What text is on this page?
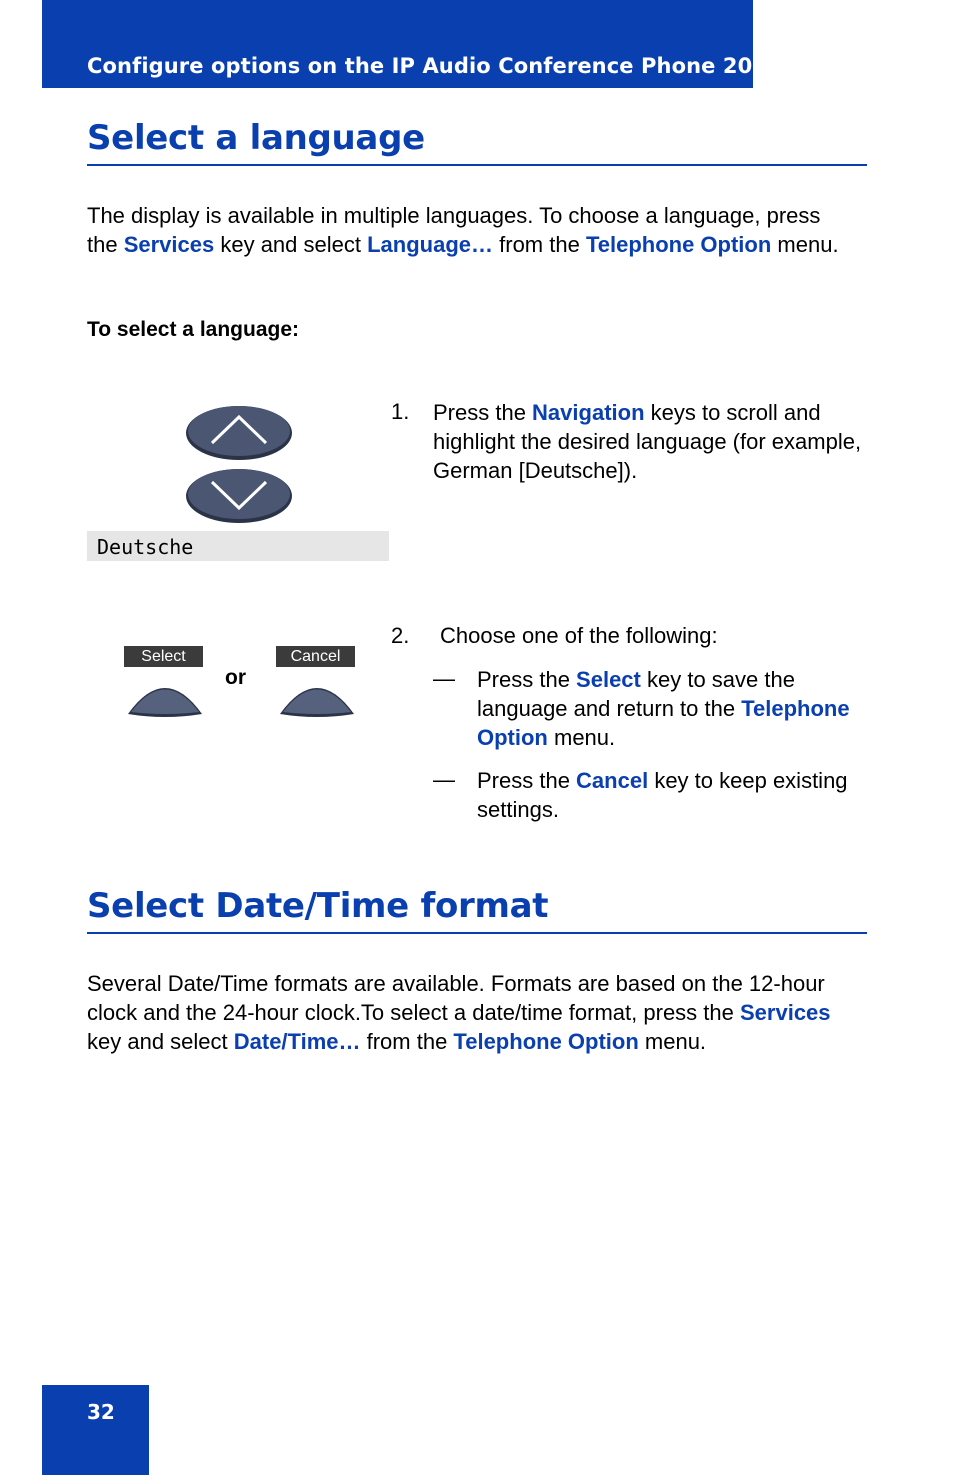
Configure options on the IP Audio Conference Phone 2033
Select a language

The display is available in multiple languages. To choose a language, press the Services key and select Language… from the Telephone Option menu.

To select a language:
Deutsche
1. Press the Navigation keys to scroll and highlight the desired language (for example, German [Deutsche]).

Select	Cancel
or
2. Choose one of the following:
— Press the Select key to save the language and return to the Telephone Option menu.

— Press the Cancel key to keep existing settings.

Select Date/Time format

Several Date/Time formats are available. Formats are based on the 12-hour clock and the 24-hour clock.To select a date/time format, press the Services key and select Date/Time… from the Telephone Option menu.

32
